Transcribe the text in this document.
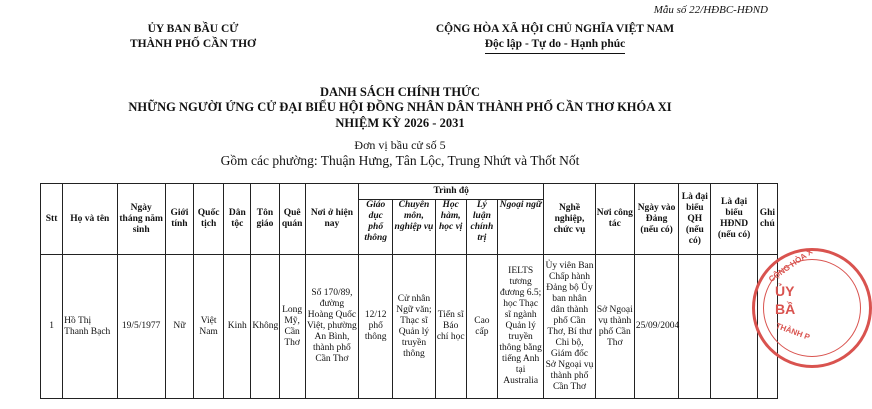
Mẫu số 22/HĐBC-HĐND
ỦY BAN BẦU CỬ
THÀNH PHỐ CẦN THƠ
CỘNG HÒA XÃ HỘI CHỦ NGHĨA VIỆT NAM
Độc lập - Tự do - Hạnh phúc
DANH SÁCH CHÍNH THỨC
NHỮNG NGƯỜI ỨNG CỬ ĐẠI BIỂU HỘI ĐỒNG NHÂN DÂN THÀNH PHỐ CẦN THƠ KHÓA XI
NHIỆM KỲ 2026 - 2031
Đơn vị bầu cử số 5
Gồm các phường: Thuận Hưng, Tân Lộc, Trung Nhứt và Thốt Nốt
Stt	Họ và tên	Ngày tháng năm sinh	Giới tính	Quốc tịch	Dân tộc	Tôn giáo	Quê quán	Nơi ở hiện nay	Trình độ					Nghề nghiệp, chức vụ	Nơi công tác	Ngày vào Đảng (nếu có)	Là đại biểu QH (nếu có)	Là đại biểu HĐND (nếu có)	Ghi chú
									Giáo dục phổ thông	Chuyên môn, nghiệp vụ	Học hàm, học vị	Lý luận chính trị	Ngoại ngữ						
1	Hồ Thị Thanh Bạch	19/5/1977	Nữ	Việt Nam	Kinh	Không	Long Mỹ, Cần Thơ	Số 170/89, đường Hoàng Quốc Việt, phường An Bình, thành phố Cần Thơ	12/12 phổ thông	Cử nhân Ngữ văn; Thạc sĩ Quản lý truyền thông	Tiến sĩ Báo chí học	Cao cấp	IELTS tương đương 6.5; học Thạc sĩ ngành Quản lý truyền thông bằng tiếng Anh tại Australia	Ủy viên Ban Chấp hành Đảng bộ Ủy ban nhân dân thành phố Cần Thơ, Bí thư Chi bộ, Giám đốc Sở Ngoại vụ thành phố Cần Thơ	Sở Ngoại vụ thành phố Cần Thơ	25/09/2004			
CỘNG HÒA X
ỦY
BẦ
THÀNH P
